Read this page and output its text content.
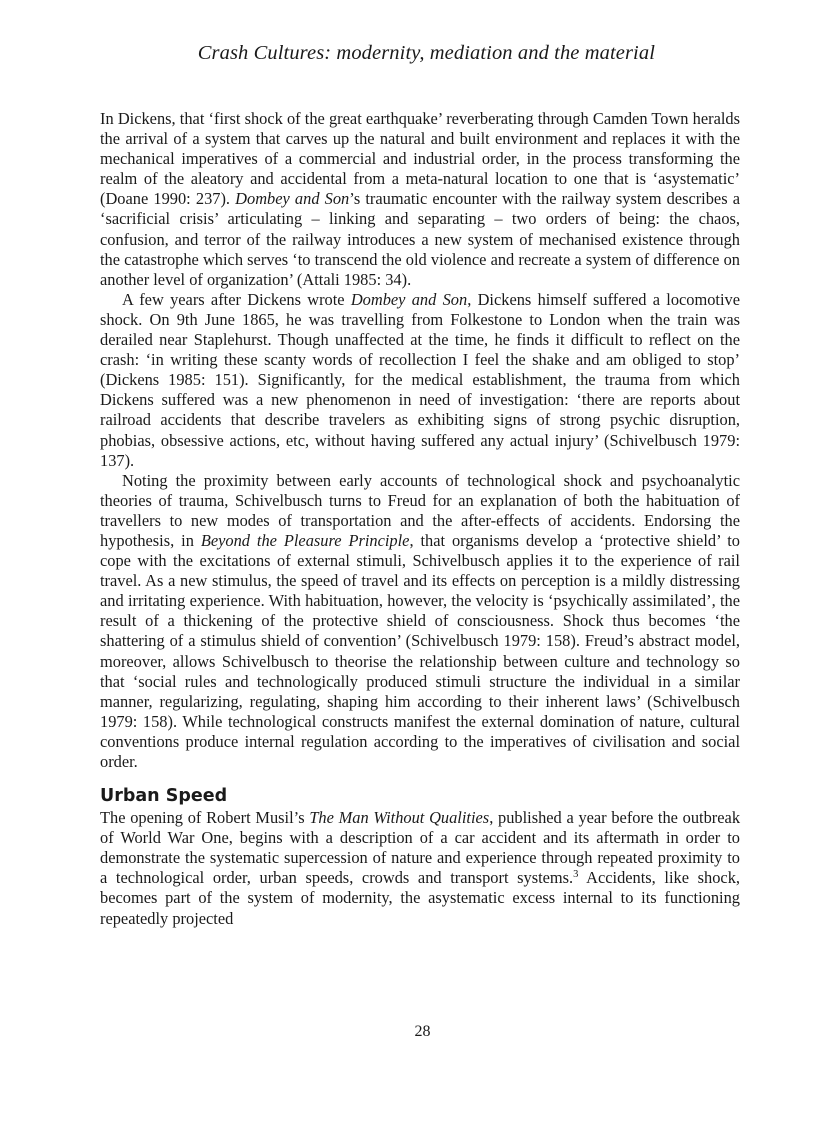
Crash Cultures: modernity, mediation and the material

In Dickens, that ‘first shock of the great earthquake’ reverberating through Camden Town heralds the arrival of a system that carves up the natural and built environment and replaces it with the mechanical imperatives of a commercial and industrial order, in the process transforming the realm of the aleatory and accidental from a meta-natural location to one that is ‘asystematic’ (Doane 1990: 237). Dombey and Son’s traumatic encounter with the railway system describes a ‘sacrificial crisis’ articulating – linking and separating – two orders of being: the chaos, confusion, and terror of the railway introduces a new system of mechanised existence through the catastrophe which serves ‘to transcend the old violence and recreate a system of difference on another level of organization’ (Attali 1985: 34).

A few years after Dickens wrote Dombey and Son, Dickens himself suffered a locomotive shock. On 9th June 1865, he was travelling from Folkestone to London when the train was derailed near Staplehurst. Though unaffected at the time, he finds it difficult to reflect on the crash: ‘in writing these scanty words of recollection I feel the shake and am obliged to stop’ (Dickens 1985: 151). Significantly, for the medical establishment, the trauma from which Dickens suffered was a new phenomenon in need of investigation: ‘there are reports about railroad accidents that describe travelers as exhibiting signs of strong psychic disruption, phobias, obsessive actions, etc, without having suffered any actual injury’ (Schivelbusch 1979: 137).

Noting the proximity between early accounts of technological shock and psychoanalytic theories of trauma, Schivelbusch turns to Freud for an explanation of both the habituation of travellers to new modes of transportation and the after-effects of accidents. Endorsing the hypothesis, in Beyond the Pleasure Principle, that organisms develop a ‘protective shield’ to cope with the excitations of external stimuli, Schivelbusch applies it to the experience of rail travel. As a new stimulus, the speed of travel and its effects on perception is a mildly distressing and irritating experience. With habituation, however, the velocity is ‘psychically assimilated’, the result of a thickening of the protective shield of consciousness. Shock thus becomes ‘the shattering of a stimulus shield of convention’ (Schivelbusch 1979: 158). Freud’s abstract model, moreover, allows Schivelbusch to theorise the relationship between culture and technology so that ‘social rules and technologically produced stimuli structure the individual in a similar manner, regularizing, regulating, shaping him according to their inherent laws’ (Schivelbusch 1979: 158). While technological constructs manifest the external domination of nature, cultural conventions produce internal regulation according to the imperatives of civilisation and social order.

Urban Speed

The opening of Robert Musil’s The Man Without Qualities, published a year before the outbreak of World War One, begins with a description of a car accident and its aftermath in order to demonstrate the systematic supercession of nature and experience through repeated proximity to a technological order, urban speeds, crowds and transport systems.$^3$ Accidents, like shock, becomes part of the system of modernity, the asystematic excess internal to its functioning repeatedly projected

28
